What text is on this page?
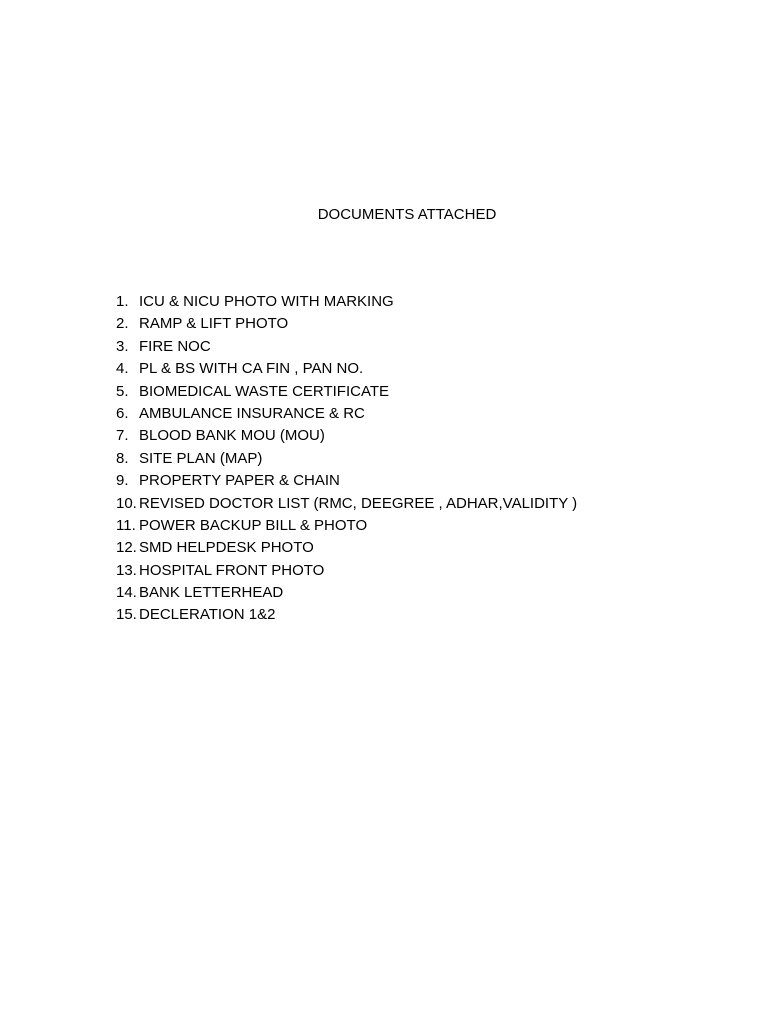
DOCUMENTS ATTACHED
1. ICU & NICU PHOTO WITH MARKING
2. RAMP & LIFT PHOTO
3. FIRE NOC
4. PL & BS WITH CA FIN , PAN NO.
5. BIOMEDICAL WASTE CERTIFICATE
6. AMBULANCE INSURANCE & RC
7. BLOOD BANK MOU (MOU)
8. SITE PLAN (MAP)
9. PROPERTY PAPER & CHAIN
10. REVISED DOCTOR LIST (RMC, DEEGREE , ADHAR,VALIDITY )
11. POWER BACKUP BILL & PHOTO
12. SMD HELPDESK PHOTO
13. HOSPITAL FRONT PHOTO
14. BANK LETTERHEAD
15. DECLERATION 1&2
